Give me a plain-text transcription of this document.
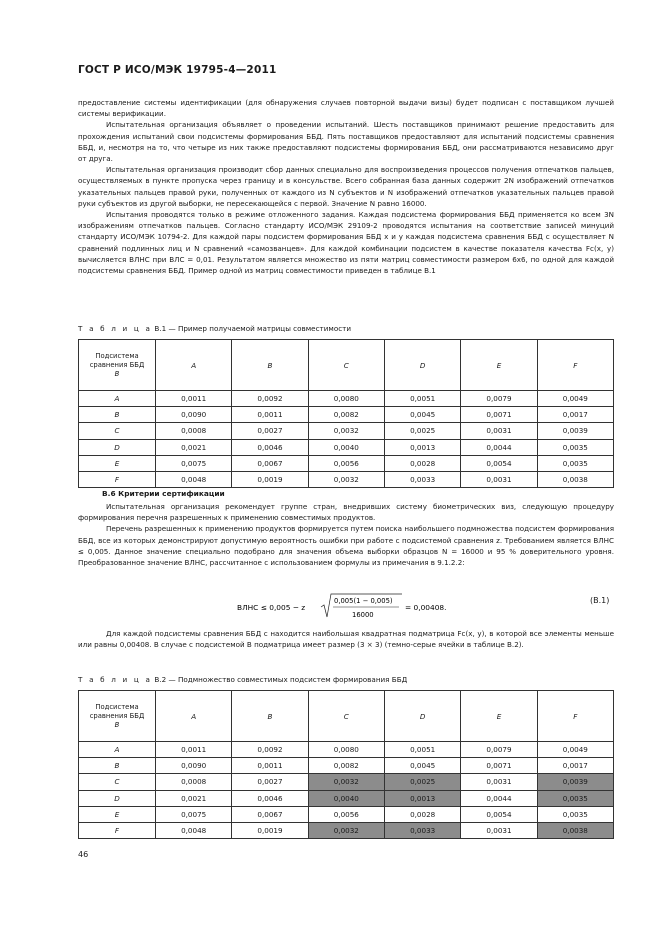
ГОСТ Р ИСО/МЭК 19795-4—2011

предоставление системы идентификации (для обнаружения случаев повторной выдачи визы) будет подписан с поставщиком лучшей системы верификации.

Испытательная организация объявляет о проведении испытаний. Шесть поставщиков принимают решение предоставить для прохождения испытаний свои подсистемы формирования ББД. Пять поставщиков предоставляют для испытаний подсистемы сравнения ББД, и, несмотря на то, что четыре из них также предоставляют подсистемы формирования ББД, они рассматриваются независимо друг от друга.

Испытательная организация производит сбор данных специально для воспроизведения процессов получения отпечатков пальцев, осуществляемых в пункте пропуска через границу и в консульстве. Всего собранная база данных содержит 2N изображений отпечатков указательных пальцев правой руки, полученных от каждого из N субъектов и N изображений отпечатков указательных пальцев правой руки субъектов из другой выборки, не пересекающейся с первой. Значение N равно 16000.

Испытания проводятся только в режиме отложенного задания. Каждая подсистема формирования ББД применяется ко всем 3N изображениям отпечатков пальцев. Согласно стандарту ИСО/МЭК 29109-2 проводятся испытания на соответствие записей минуций стандарту ИСО/МЭК 10794-2. Для каждой пары подсистем формирования ББД x и y каждая подсистема сравнения ББД c осуществляет N сравнений подлинных лиц и N сравнений «самозванцев». Для каждой комбинации подсистем в качестве показателя качества Fc(x, y) вычисляется ВЛНС при ВЛС = 0,01. Результатом является множество из пяти матриц совместимости размером 6х6, по одной для каждой подсистемы сравнения ББД. Пример одной из матриц совместимости приведен в таблице В.1

Т а б л и ц а В.1 — Пример получаемой матрицы совместимости
Подсистема
сравнения ББД
B	A	B	C	D	E	F
A	0,0011	0,0092	0,0080	0,0051	0,0079	0,0049
B	0,0090	0,0011	0,0082	0,0045	0,0071	0,0017
C	0,0008	0,0027	0,0032	0,0025	0,0031	0,0039
D	0,0021	0,0046	0,0040	0,0013	0,0044	0,0035
E	0,0075	0,0067	0,0056	0,0028	0,0054	0,0035
F	0,0048	0,0019	0,0032	0,0033	0,0031	0,0038
В.6 Критерии сертификации

Испытательная организация рекомендует группе стран, внедривших систему биометрических виз, следующую процедуру формирования перечня разрешенных к применению совместимых продуктов.

Перечень разрешенных к применению продуктов формируется путем поиска наибольшего подмножества подсистем формирования ББД, все из которых демонстрируют допустимую вероятность ошибки при работе с подсистемой сравнения z. Требованием является ВЛНС ≤ 0,005. Данное значение специально подобрано для значения объема выборки образцов N = 16000 и 95 % доверительного уровня. Преобразованное значение ВЛНС, рассчитанное с использованием формулы из примечания в 9.1.2.2:

ВЛНС ≤ 0,005 − z
0,005(1 − 0,005)
16000
= 0,00408.
(В.1)

Для каждой подсистемы сравнения ББД c находится наибольшая квадратная подматрица Fc(x, y), в которой все элементы меньше или равны 0,00408. В случае с подсистемой B подматрица имеет размер (3 × 3) (темно-серые ячейки в таблице В.2).

Т а б л и ц а В.2 — Подмножество совместимых подсистем формирования ББД
Подсистема
сравнения ББД
B	A	B	C	D	E	F
A	0,0011	0,0092	0,0080	0,0051	0,0079	0,0049
B	0,0090	0,0011	0,0082	0,0045	0,0071	0,0017
C	0,0008	0,0027	0,0032	0,0025	0,0031	0,0039
D	0,0021	0,0046	0,0040	0,0013	0,0044	0,0035
E	0,0075	0,0067	0,0056	0,0028	0,0054	0,0035
F	0,0048	0,0019	0,0032	0,0033	0,0031	0,0038
46
